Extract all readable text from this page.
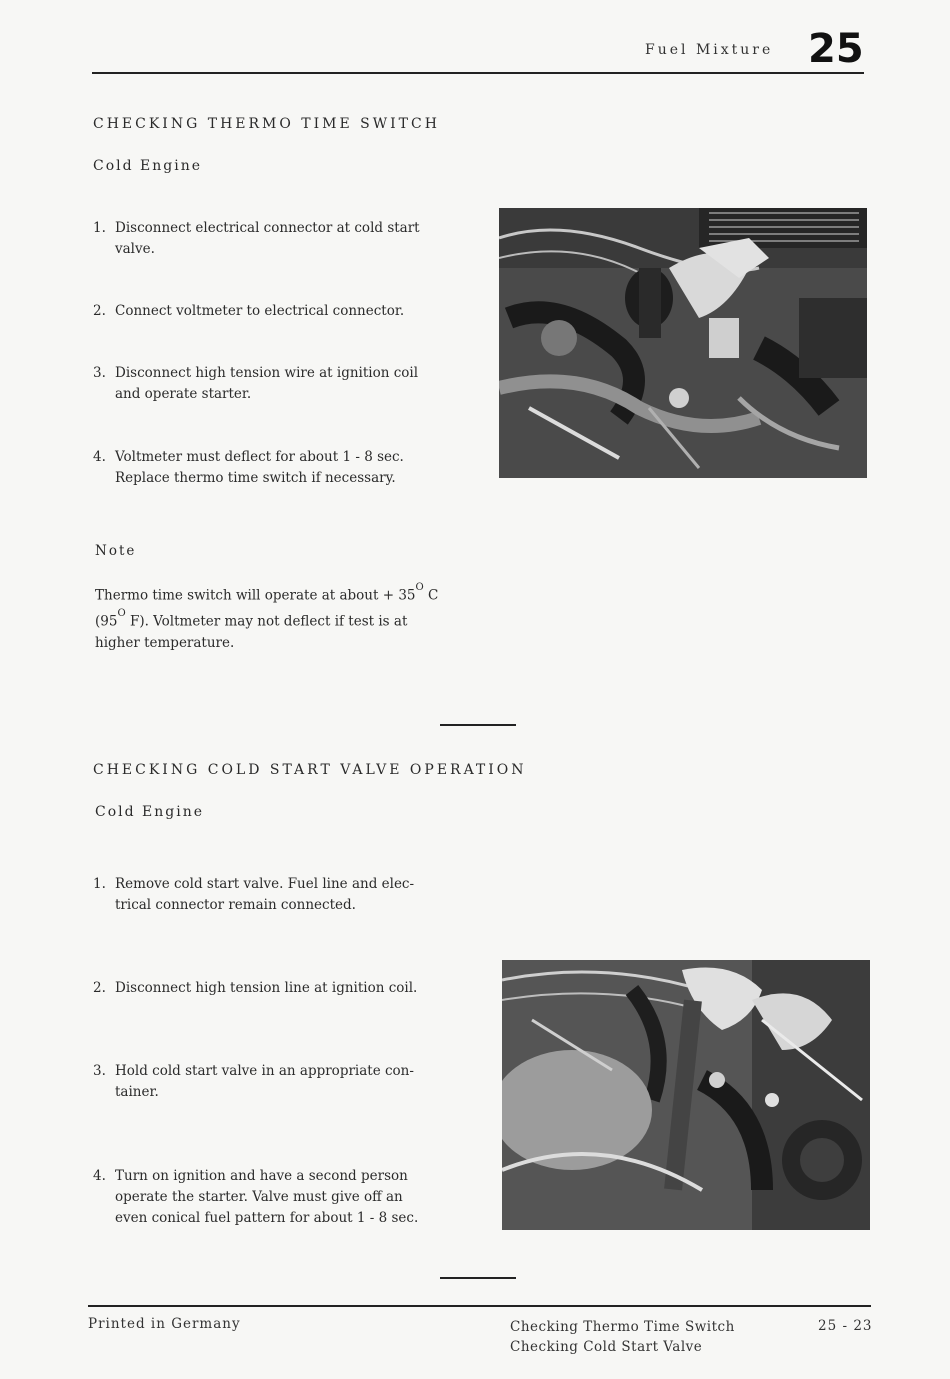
Fuel Mixture 25
CHECKING THERMO TIME SWITCH
Cold Engine
1. Disconnect electrical connector at cold start
valve.
2. Connect voltmeter to electrical connector.
3. Disconnect high tension wire at ignition coil
and operate starter.
4. Voltmeter must deflect for about 1 - 8 sec.
Replace thermo time switch if necessary.
Note
Thermo time switch will operate at about + $35^O$ C
($95^O$ F). Voltmeter may not deflect if test is at
higher temperature.
CHECKING COLD START VALVE OPERATION
Cold Engine
1. Remove cold start valve. Fuel line and elec-
trical connector remain connected.
2. Disconnect high tension line at ignition coil.
3. Hold cold start valve in an appropriate con-
tainer.
4. Turn on ignition and have a second person
operate the starter. Valve must give off an
even conical fuel pattern for about 1 - 8 sec.
Printed in Germany	Checking Thermo Time Switch
Checking Cold Start Valve
25 - 23
